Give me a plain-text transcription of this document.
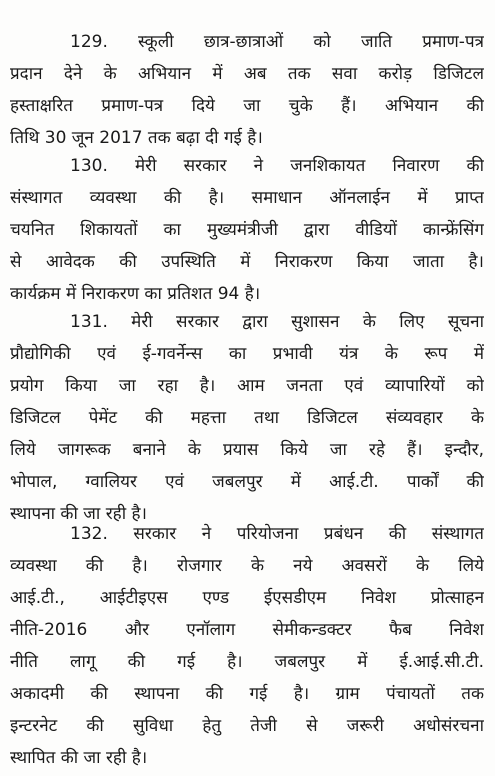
129. स्कूली छात्र-छात्राओं को जाति प्रमाण-पत्र
प्रदान देने के अभियान में अब तक सवा करोड़ डिजिटल
हस्ताक्षरित प्रमाण-पत्र दिये जा चुके हैं। अभियान की
तिथि 30 जून 2017 तक बढ़ा दी गई है।
130. मेरी सरकार ने जनशिकायत निवारण की
संस्थागत व्यवस्था की है। समाधान ऑनलाईन में प्राप्त
चयनित शिकायतों का मुख्यमंत्रीजी द्वारा वीडियों कान्फ्रेंसिंग
से आवेदक की उपस्थिति में निराकरण किया जाता है।
कार्यक्रम में निराकरण का प्रतिशत 94 है।
131. मेरी सरकार द्वारा सुशासन के लिए सूचना
प्रौद्योगिकी एवं ई-गवर्नेन्स का प्रभावी यंत्र के रूप में
प्रयोग किया जा रहा है। आम जनता एवं व्यापारियों को
डिजिटल पेमेंट की महत्ता तथा डिजिटल संव्यवहार के
लिये जागरूक बनाने के प्रयास किये जा रहे हैं। इन्दौर,
भोपाल, ग्वालियर एवं जबलपुर में आई.टी. पार्कों की
स्थापना की जा रही है।
132. सरकार ने परियोजना प्रबंधन की संस्थागत
व्यवस्था की है। रोजगार के नये अवसरों के लिये
आई.टी., आईटीइएस एण्ड ईएसडीएम निवेश प्रोत्साहन
नीति-2016 और एनॉलाग सेमीकन्डक्टर फैब निवेश
नीति लागू की गई है। जबलपुर में ई.आई.सी.टी.
अकादमी की स्थापना की गई है। ग्राम पंचायतों तक
इन्टरनेट की सुविधा हेतु तेजी से जरूरी अधोसंरचना
स्थापित की जा रही है।
